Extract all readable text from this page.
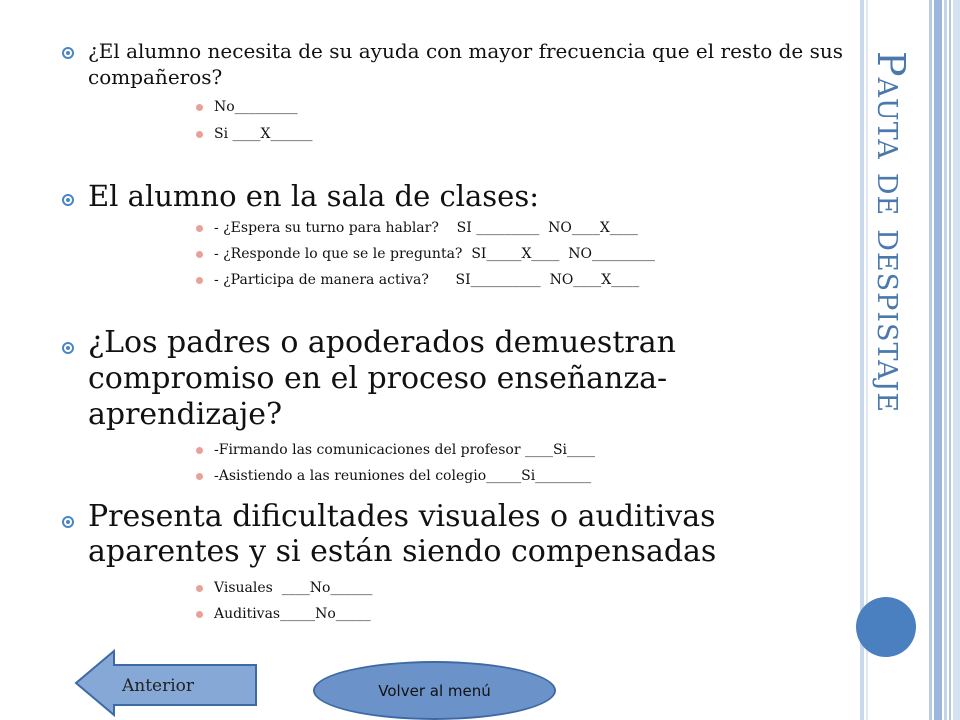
Pauta de despistaje
¿El alumno necesita de su ayuda con mayor frecuencia que el resto de sus compañeros?
No_________
Si ____X______
El alumno en la sala de clases:
- ¿Espera su turno para hablar?    SI _________  NO____X____
- ¿Responde lo que se le pregunta?  SI_____X____  NO_________
- ¿Participa de manera activa?      SI__________  NO____X____
¿Los padres o apoderados demuestran compromiso en el proceso enseñanza-aprendizaje?
-Firmando las comunicaciones del profesor ____Si____
-Asistiendo a las reuniones del colegio_____Si________
Presenta dificultades visuales o auditivas aparentes y si están siendo compensadas
Visuales  ____No______
Auditivas_____No_____
Anterior	Volver al menú
